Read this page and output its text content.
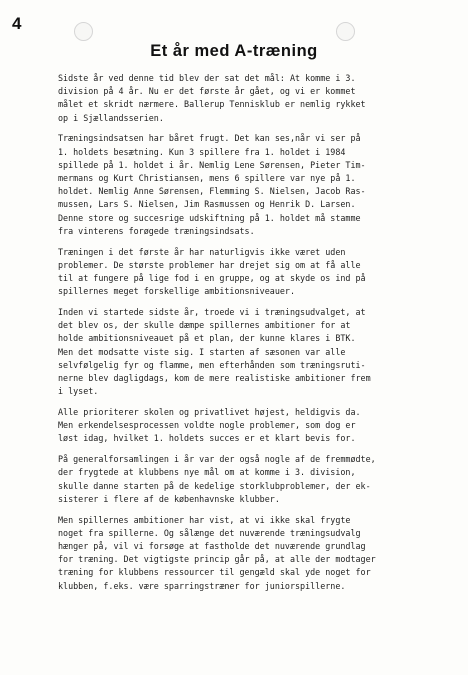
4
Et år med A-træning

Sidste år ved denne tid blev der sat det mål: At komme i 3.
division på 4 år. Nu er det første år gået, og vi er kommet
målet et skridt nærmere. Ballerup Tennisklub er nemlig rykket
op i Sjællandsserien.

Træningsindsatsen har båret frugt. Det kan ses,når vi ser på
1. holdets besætning. Kun 3 spillere fra 1. holdet i 1984
spillede på 1. holdet i år. Nemlig Lene Sørensen, Pieter Tim-
mermans og Kurt Christiansen, mens 6 spillere var nye på 1.
holdet. Nemlig Anne Sørensen, Flemming S. Nielsen, Jacob Ras-
mussen, Lars S. Nielsen, Jim Rasmussen og Henrik D. Larsen.
Denne store og succesrige udskiftning på 1. holdet må stamme
fra vinterens forøgede træningsindsats.

Træningen i det første år har naturligvis ikke været uden
problemer. De største problemer har drejet sig om at få alle
til at fungere på lige fod i en gruppe, og at skyde os ind på
spillernes meget forskellige ambitionsniveauer.

Inden vi startede sidste år, troede vi i træningsudvalget, at
det blev os, der skulle dæmpe spillernes ambitioner for at
holde ambitionsniveauet på et plan, der kunne klares i BTK.
Men det modsatte viste sig. I starten af sæsonen var alle
selvfølgelig fyr og flamme, men efterhånden som træningsruti-
nerne blev dagligdags, kom de mere realistiske ambitioner frem
i lyset.

Alle prioriterer skolen og privatlivet højest, heldigvis da.
Men erkendelsesprocessen voldte nogle problemer, som dog er
løst idag, hvilket 1. holdets succes er et klart bevis for.

På generalforsamlingen i år var der også nogle af de fremmødte,
der frygtede at klubbens nye mål om at komme i 3. division,
skulle danne starten på de kedelige storklubproblemer, der ek-
sisterer i flere af de københavnske klubber.

Men spillernes ambitioner har vist, at vi ikke skal frygte
noget fra spillerne. Og sålænge det nuværende træningsudvalg
hænger på, vil vi forsøge at fastholde det nuværende grundlag
for træning. Det vigtigste princip går på, at alle der modtager
træning for klubbens ressourcer til gengæld skal yde noget for
klubben, f.eks. være sparringstræner for juniorspillerne.
